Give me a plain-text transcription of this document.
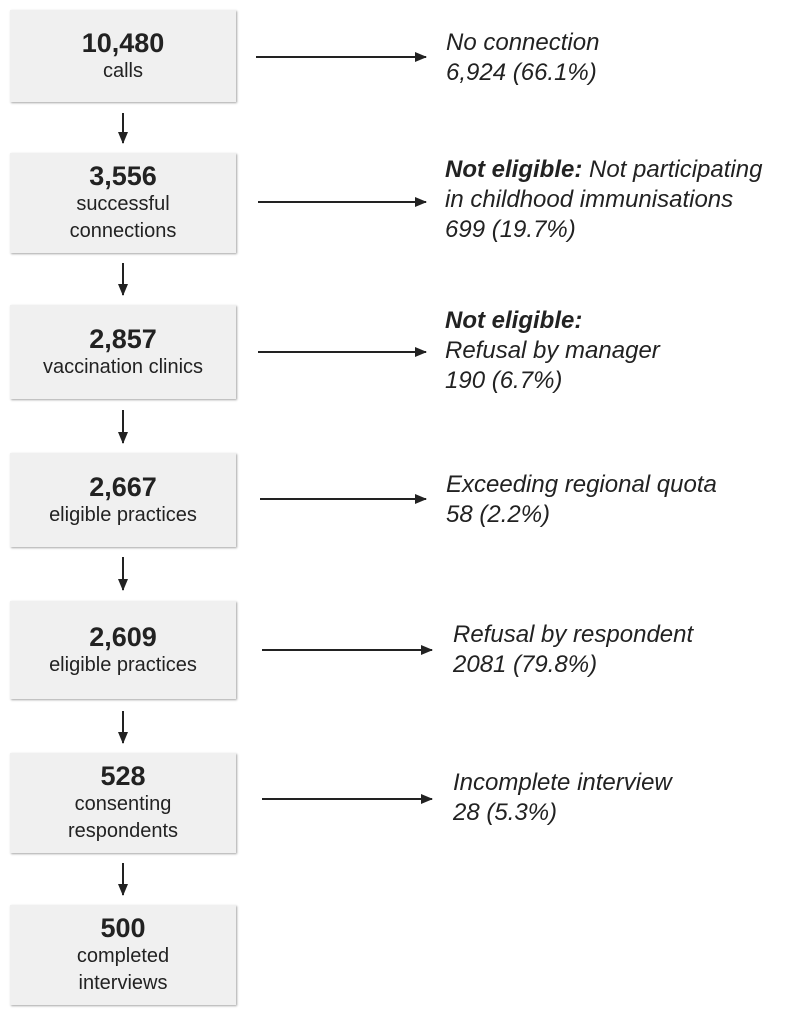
10,480
calls
3,556
successful
connections
2,857
vaccination clinics
2,667
eligible practices
2,609
eligible practices
528
consenting
respondents
500
completed
interviews
No connection
6,924 (66.1%)
Not eligible: Not participating
in childhood immunisations
699 (19.7%)
Not eligible:
Refusal by manager
190 (6.7%)
Exceeding regional quota
58 (2.2%)
Refusal by respondent
2081 (79.8%)
Incomplete interview
28 (5.3%)
